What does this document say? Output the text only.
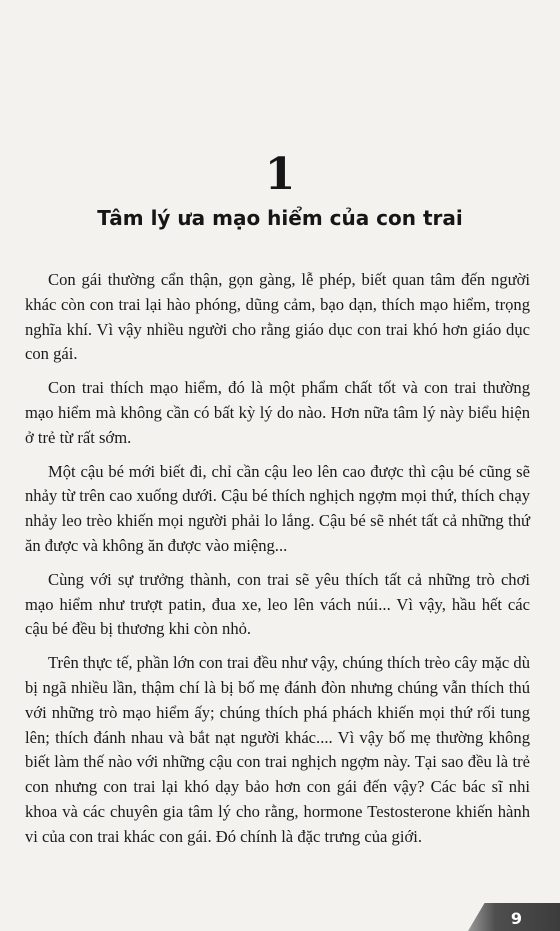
1
Tâm lý ưa mạo hiểm của con trai

Con gái thường cẩn thận, gọn gàng, lễ phép, biết quan tâm đến người khác còn con trai lại hào phóng, dũng cảm, bạo dạn, thích mạo hiểm, trọng nghĩa khí. Vì vậy nhiều người cho rằng giáo dục con trai khó hơn giáo dục con gái.

Con trai thích mạo hiểm, đó là một phẩm chất tốt và con trai thường mạo hiểm mà không cần có bất kỳ lý do nào. Hơn nữa tâm lý này biểu hiện ở trẻ từ rất sớm.

Một cậu bé mới biết đi, chỉ cần cậu leo lên cao được thì cậu bé cũng sẽ nhảy từ trên cao xuống dưới. Cậu bé thích nghịch ngợm mọi thứ, thích chạy nhảy leo trèo khiến mọi người phải lo lắng. Cậu bé sẽ nhét tất cả những thứ ăn được và không ăn được vào miệng...

Cùng với sự trưởng thành, con trai sẽ yêu thích tất cả những trò chơi mạo hiểm như trượt patin, đua xe, leo lên vách núi... Vì vậy, hầu hết các cậu bé đều bị thương khi còn nhỏ.

Trên thực tế, phần lớn con trai đều như vậy, chúng thích trèo cây mặc dù bị ngã nhiều lần, thậm chí là bị bố mẹ đánh đòn nhưng chúng vẫn thích thú với những trò mạo hiểm ấy; chúng thích phá phách khiến mọi thứ rối tung lên; thích đánh nhau và bắt nạt người khác.... Vì vậy bố mẹ thường không biết làm thế nào với những cậu con trai nghịch ngợm này. Tại sao đều là trẻ con nhưng con trai lại khó dạy bảo hơn con gái đến vậy? Các bác sĩ nhi khoa và các chuyên gia tâm lý cho rằng, hormone Testosterone khiến hành vi của con trai khác con gái. Đó chính là đặc trưng của giới.

9
